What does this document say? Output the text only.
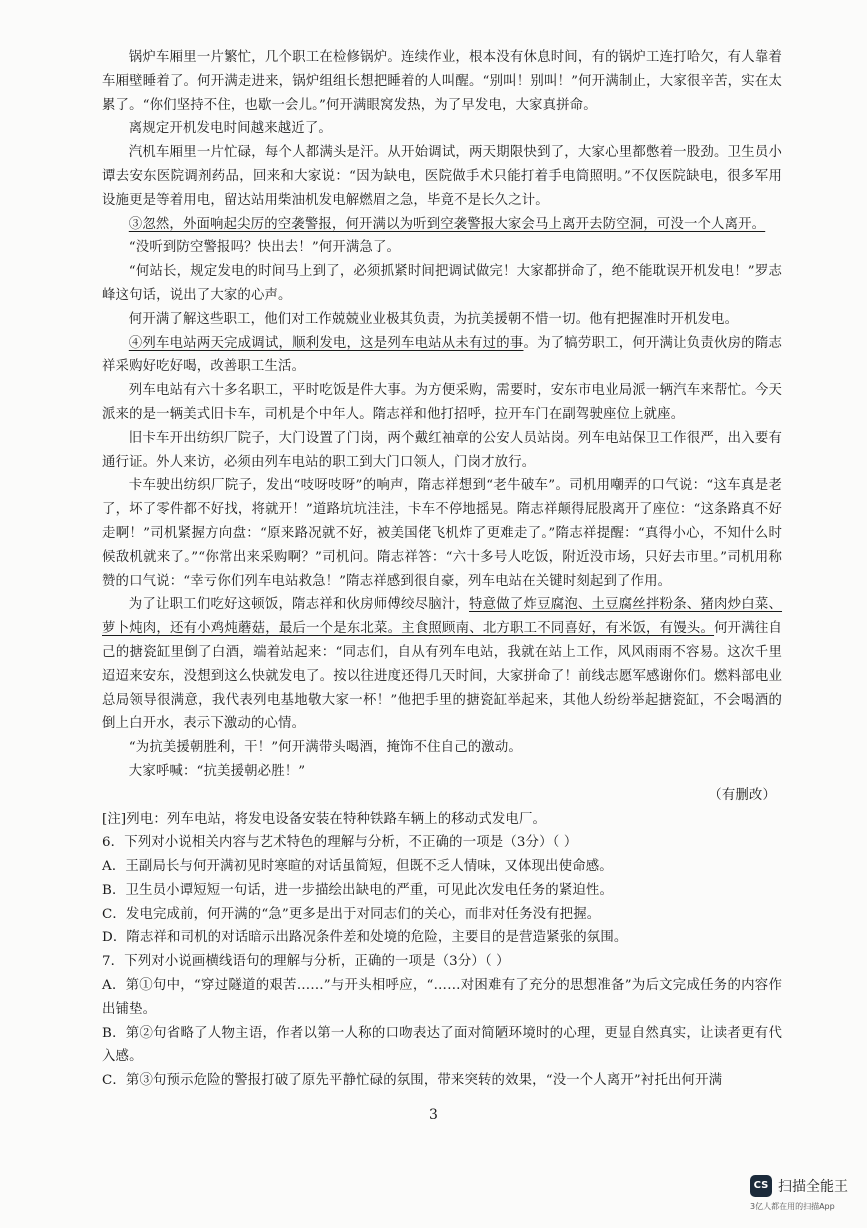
锅炉车厢里一片繁忙，几个职工在检修锅炉。连续作业，根本没有休息时间，有的锅炉工连打哈欠，有人靠着车厢壁睡着了。何开满走进来，锅炉组组长想把睡着的人叫醒。“别叫！别叫！”何开满制止，大家很辛苦，实在太累了。“你们坚持不住，也歇一会儿。”何开满眼窝发热，为了早发电，大家真拼命。

离规定开机发电时间越来越近了。

汽机车厢里一片忙碌，每个人都满头是汗。从开始调试，两天期限快到了，大家心里都憋着一股劲。卫生员小谭去安东医院调剂药品，回来和大家说：“因为缺电，医院做手术只能打着手电筒照明。”不仅医院缺电，很多军用设施更是等着用电，留达站用柴油机发电解燃眉之急，毕竟不是长久之计。

③忽然，外面响起尖厉的空袭警报，何开满以为听到空袭警报大家会马上离开去防空洞，可没一个人离开。

“没听到防空警报吗？快出去！”何开满急了。

“何站长，规定发电的时间马上到了，必须抓紧时间把调试做完！大家都拼命了，绝不能耽误开机发电！”罗志峰这句话，说出了大家的心声。

何开满了解这些职工，他们对工作兢兢业业极其负责，为抗美援朝不惜一切。他有把握准时开机发电。

④列车电站两天完成调试，顺利发电，这是列车电站从未有过的事。为了犒劳职工，何开满让负责伙房的隋志祥采购好吃好喝，改善职工生活。

列车电站有六十多名职工，平时吃饭是件大事。为方便采购，需要时，安东市电业局派一辆汽车来帮忙。今天派来的是一辆美式旧卡车，司机是个中年人。隋志祥和他打招呼，拉开车门在副驾驶座位上就座。

旧卡车开出纺织厂院子，大门设置了门岗，两个戴红袖章的公安人员站岗。列车电站保卫工作很严，出入要有通行证。外人来访，必须由列车电站的职工到大门口领人，门岗才放行。

卡车驶出纺织厂院子，发出“吱呀吱呀”的响声，隋志祥想到“老牛破车”。司机用嘲弄的口气说：“这车真是老了，坏了零件都不好找，将就开！”道路坑坑洼洼，卡车不停地摇晃。隋志祥颠得屁股离开了座位：“这条路真不好走啊！”司机紧握方向盘：“原来路况就不好，被美国佬飞机炸了更难走了。”隋志祥提醒：“真得小心，不知什么时候敌机就来了。”“你常出来采购啊？”司机问。隋志祥答：“六十多号人吃饭，附近没市场，只好去市里。”司机用称赞的口气说：“幸亏你们列车电站救急！”隋志祥感到很自豪，列车电站在关键时刻起到了作用。

为了让职工们吃好这顿饭，隋志祥和伙房师傅绞尽脑汁，特意做了炸豆腐泡、土豆腐丝拌粉条、猪肉炒白菜、萝卜炖肉，还有小鸡炖蘑菇，最后一个是东北菜。主食照顾南、北方职工不同喜好，有米饭，有馒头。何开满往自己的搪瓷缸里倒了白酒，端着站起来：“同志们，自从有列车电站，我就在站上工作，风风雨雨不容易。这次千里迢迢来安东，没想到这么快就发电了。按以往进度还得几天时间，大家拼命了！前线志愿军感谢你们。燃料部电业总局领导很满意，我代表列电基地敬大家一杯！”他把手里的搪瓷缸举起来，其他人纷纷举起搪瓷缸，不会喝酒的倒上白开水，表示下激动的心情。

“为抗美援朝胜利，干！”何开满带头喝酒，掩饰不住自己的激动。

大家呼喊：“抗美援朝必胜！”

（有删改）

[注]列电：列车电站，将发电设备安装在特种铁路车辆上的移动式发电厂。

6．下列对小说相关内容与艺术特色的理解与分析，不正确的一项是（3分）（ ）

A．王副局长与何开满初见时寒暄的对话虽简短，但既不乏人情味，又体现出使命感。

B．卫生员小谭短短一句话，进一步描绘出缺电的严重，可见此次发电任务的紧迫性。

C．发电完成前，何开满的“急”更多是出于对同志们的关心，而非对任务没有把握。

D．隋志祥和司机的对话暗示出路况条件差和处境的危险，主要目的是营造紧张的氛围。

7．下列对小说画横线语句的理解与分析，正确的一项是（3分）（ ）

A．第①句中，“穿过隧道的艰苦……”与开头相呼应，“……对困难有了充分的思想准备”为后文完成任务的内容作出铺垫。

B．第②句省略了人物主语，作者以第一人称的口吻表达了面对简陋环境时的心理，更显自然真实，让读者更有代入感。

C．第③句预示危险的警报打破了原先平静忙碌的氛围，带来突转的效果，“没一个人离开”衬托出何开满

3
CS 扫描全能王
3亿人都在用的扫描App
